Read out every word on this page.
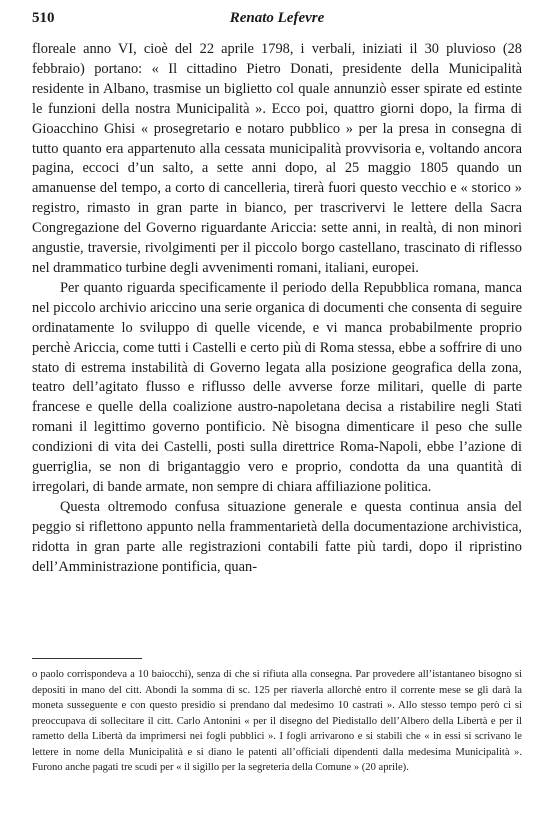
510	Renato Lefevre

floreale anno VI, cioè del 22 aprile 1798, i verbali, iniziati il 30 pluvioso (28 febbraio) portano: « Il cittadino Pietro Donati, presidente della Municipalità residente in Albano, trasmise un biglietto col quale annunziò esser spirate ed estinte le funzioni della nostra Municipalità ». Ecco poi, quattro giorni dopo, la firma di Gioacchino Ghisi « prosegretario e notaro pubblico » per la presa in consegna di tutto quanto era appartenuto alla cessata municipalità provvisoria e, voltando ancora pagina, eccoci d’un salto, a sette anni dopo, al 25 maggio 1805 quando un amanuense del tempo, a corto di cancelleria, tirerà fuori questo vecchio e « storico » registro, rimasto in gran parte in bianco, per trascrivervi le lettere della Sacra Congregazione del Governo riguardante Ariccia: sette anni, in realtà, di non minori angustie, traversie, rivolgimenti per il piccolo borgo castellano, trascinato di riflesso nel drammatico turbine degli avvenimenti romani, italiani, europei.

Per quanto riguarda specificamente il periodo della Repubblica romana, manca nel piccolo archivio ariccino una serie organica di documenti che consenta di seguire ordinatamente lo sviluppo di quelle vicende, e vi manca probabilmente proprio perchè Ariccia, come tutti i Castelli e certo più di Roma stessa, ebbe a soffrire di uno stato di estrema instabilità di Governo legata alla posizione geografica della zona, teatro dell’agitato flusso e riflusso delle avverse forze militari, quelle di parte francese e quelle della coalizione austro-napoletana decisa a ristabilire negli Stati romani il legittimo governo pontificio. Nè bisogna dimenticare il peso che sulle condizioni di vita dei Castelli, posti sulla direttrice Roma-Napoli, ebbe l’azione di guerriglia, se non di brigantaggio vero e proprio, condotta da una quantità di irregolari, di bande armate, non sempre di chiara affiliazione politica.

Questa oltremodo confusa situazione generale e questa continua ansia del peggio si riflettono appunto nella frammentarietà della documentazione archivistica, ridotta in gran parte alle registrazioni contabili fatte più tardi, dopo il ripristino dell’Amministrazione pontificia, quan-

o paolo corrispondeva a 10 baiocchi), senza di che si rifiuta alla consegna. Par provedere all’istantaneo bisogno si depositi in mano del citt. Abondi la somma di sc. 125 per riaverla allorchè entro il corrente mese se gli darà la moneta susseguente e con questo presidio si prendano dal medesimo 10 castrati ». Allo stesso tempo però ci si preoccupava di sollecitare il citt. Carlo Antonini « per il disegno del Piedistallo dell’Albero della Libertà e per il rametto della Libertà da imprimersi nei fogli pubblici ». I fogli arrivarono e si stabilì che « in essi si scrivano le lettere in nome della Municipalità e si diano le patenti all’officiali dipendenti dalla medesima Municipalità ». Furono anche pagati tre scudi per « il sigillo per la segreteria della Comune » (20 aprile).
